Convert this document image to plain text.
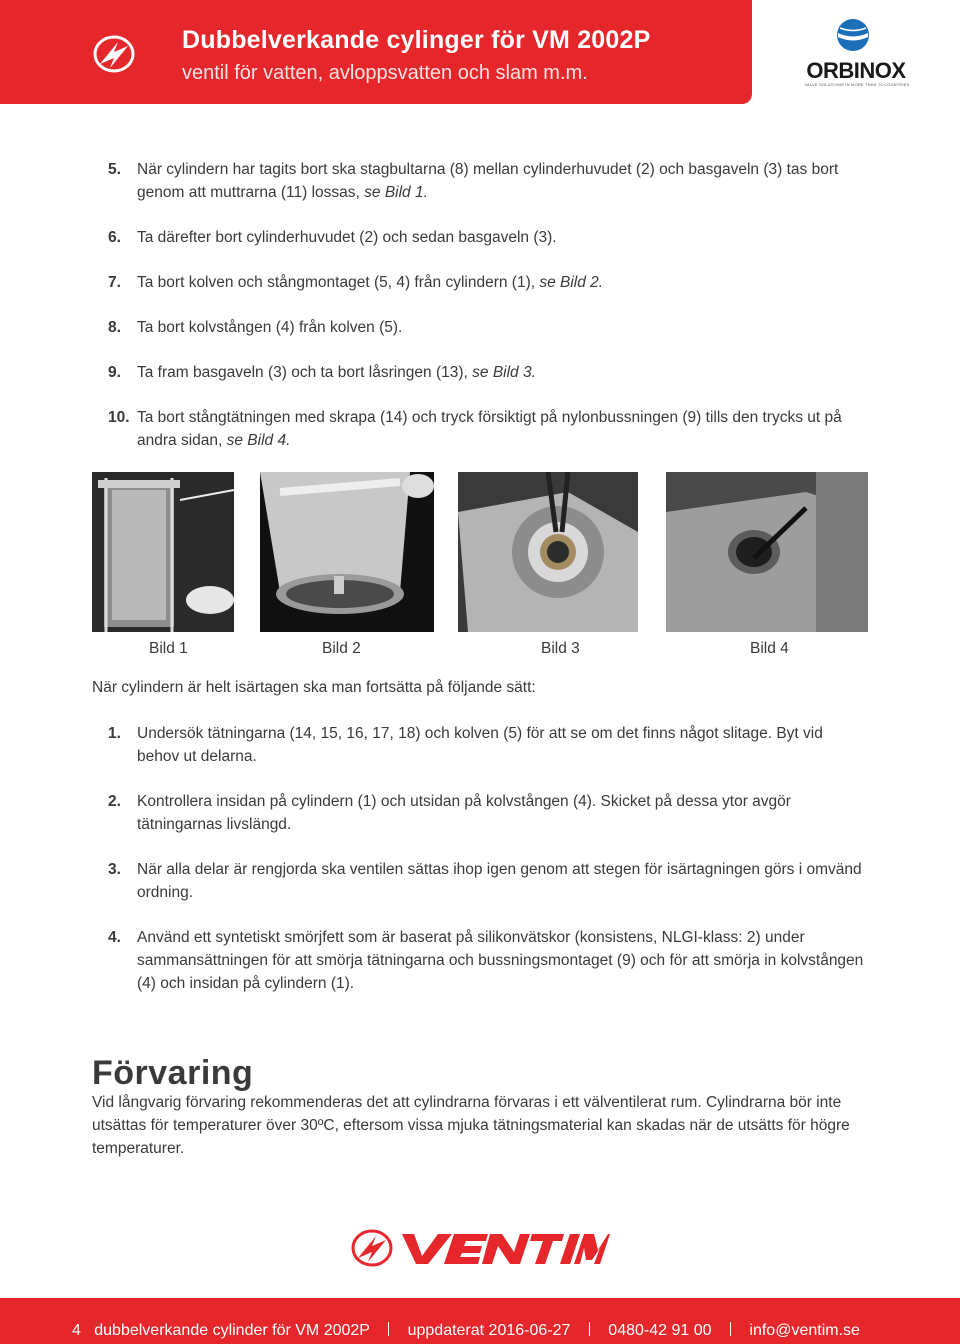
Dubbelverkande cylinger för VM 2002P
ventil för vatten, avloppsvatten och slam m.m.	ORBINOX
VALVE SOLUTIONS IN MORE THAN 70 COUNTRIES
5. När cylindern har tagits bort ska stagbultarna (8) mellan cylinderhuvudet (2) och basgaveln (3) tas bort genom att muttrarna (11) lossas, se Bild 1.
6. Ta därefter bort cylinderhuvudet (2) och sedan basgaveln (3).
7. Ta bort kolven och stångmontaget (5, 4) från cylindern (1), se Bild 2.
8. Ta bort kolvstången (4) från kolven (5).
9. Ta fram basgaveln (3) och ta bort låsringen (13), se Bild 3.
10. Ta bort stångtätningen med skrapa (14) och tryck försiktigt på nylonbussningen (9) tills den trycks ut på andra sidan, se Bild 4.
Bild 1	Bild 2	Bild 3	Bild 4
När cylindern är helt isärtagen ska man fortsätta på följande sätt:
1. Undersök tätningarna (14, 15, 16, 17, 18) och kolven (5) för att se om det finns något slitage. Byt vid behov ut delarna.
2. Kontrollera insidan på cylindern (1) och utsidan på kolvstången (4). Skicket på dessa ytor avgör tätningarnas livslängd.
3. När alla delar är rengjorda ska ventilen sättas ihop igen genom att stegen för isärtagningen görs i omvänd ordning.
4. Använd ett syntetiskt smörjfett som är baserat på silikonvätskor (konsistens, NLGI-klass: 2) under sammansättningen för att smörja tätningarna och bussningsmontaget (9) och för att smörja in kolvstången (4) och insidan på cylindern (1).
Förvaring
Vid långvarig förvaring rekommenderas det att cylindrarna förvaras i ett välventilerat rum. Cylindrarna bör inte utsättas för temperaturer över 30ºC, eftersom vissa mjuka tätningsmaterial kan skadas när de utsätts för högre temperaturer.
4 dubbelverkande cylinder för VM 2002P uppdaterat 2016-06-27 0480-42 91 00 info@ventim.se
